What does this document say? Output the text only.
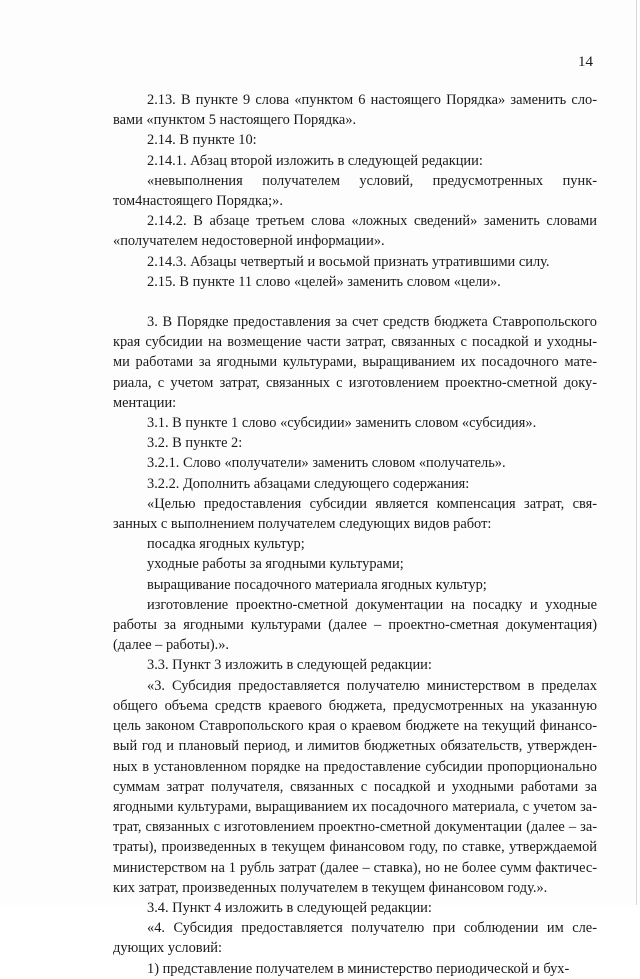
14

2.13. В пункте 9 слова «пунктом 6 настоящего Порядка» заменить сло-вами «пунктом 5 настоящего Порядка».

2.14. В пункте 10:

2.14.1. Абзац второй изложить в следующей редакции:

«невыполнения получателем условий, предусмотренных пунк-том4настоящего Порядка;».

2.14.2. В абзаце третьем слова «ложных сведений» заменить словами «получателем недостоверной информации».

2.14.3. Абзацы четвертый и восьмой признать утратившими силу.

2.15. В пункте 11 слово «целей» заменить словом «цели».

3. В Порядке предоставления за счет средств бюджета Ставропольского края субсидии на возмещение части затрат, связанных с посадкой и уходны-ми работами за ягодными культурами, выращиванием их посадочного мате-риала, с учетом затрат, связанных с изготовлением проектно-сметной доку-ментации:

3.1. В пункте 1 слово «субсидии» заменить словом «субсидия».

3.2. В пункте 2:

3.2.1. Слово «получатели» заменить словом «получатель».

3.2.2. Дополнить абзацами следующего содержания:

«Целью предоставления субсидии является компенсация затрат, свя-занных с выполнением получателем следующих видов работ:

посадка ягодных культур;

уходные работы за ягодными культурами;

выращивание посадочного материала ягодных культур;

изготовление проектно-сметной документации на посадку и уходные работы за ягодными культурами (далее – проектно-сметная документация) (далее – работы).».

3.3. Пункт 3 изложить в следующей редакции:

«3. Субсидия предоставляется получателю министерством в пределах общего объема средств краевого бюджета, предусмотренных на указанную цель законом Ставропольского края о краевом бюджете на текущий финансо-вый год и плановый период, и лимитов бюджетных обязательств, утвержден-ных в установленном порядке на предоставление субсидии пропорционально суммам затрат получателя, связанных с посадкой и уходными работами за ягодными культурами, выращиванием их посадочного материала, с учетом за-трат, связанных с изготовлением проектно-сметной документации (далее – за-траты), произведенных в текущем финансовом году, по ставке, утверждаемой министерством на 1 рубль затрат (далее – ставка), но не более сумм фактичес-ких затрат, произведенных получателем в текущем финансовом году.».

3.4. Пункт 4 изложить в следующей редакции:

«4. Субсидия предоставляется получателю при соблюдении им сле-дующих условий:

1) представление получателем в министерство периодической и бух-
